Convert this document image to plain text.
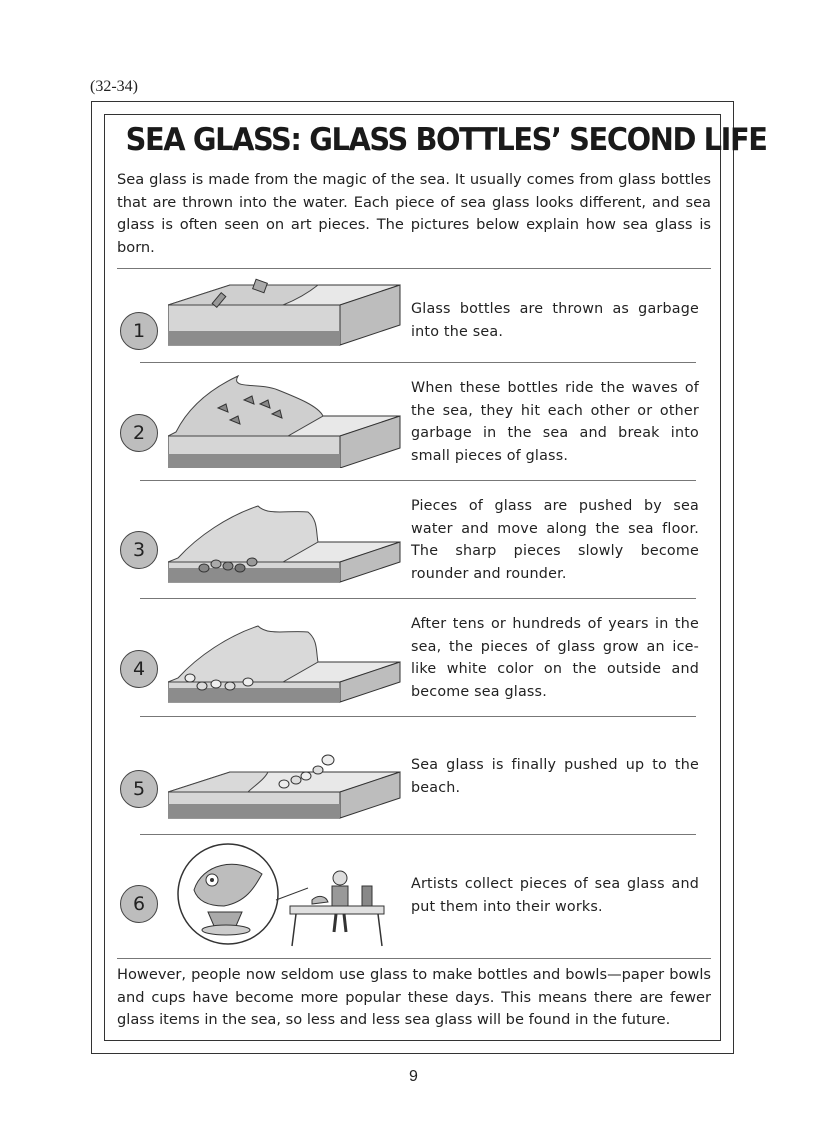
(32-34)
SEA GLASS: GLASS BOTTLES’ SECOND LIFE

Sea glass is made from the magic of the sea. It usually comes from glass bottles that are thrown into the water. Each piece of sea glass looks different, and sea glass is often seen on art pieces. The pictures below explain how sea glass is born.

1
Glass bottles are thrown as garbage into the sea.
2
When these bottles ride the waves of the sea, they hit each other or other garbage in the sea and break into small pieces of glass.
3
Pieces of glass are pushed by sea water and move along the sea floor. The sharp pieces slowly become rounder and rounder.
4
After tens or hundreds of years in the sea, the pieces of glass grow an ice-like white color on the outside and become sea glass.
5
Sea glass is finally pushed up to the beach.
6
Artists collect pieces of sea glass and put them into their works.

However, people now seldom use glass to make bottles and bowls—paper bowls and cups have become more popular these days. This means there are fewer glass items in the sea, so less and less sea glass will be found in the future.

9
